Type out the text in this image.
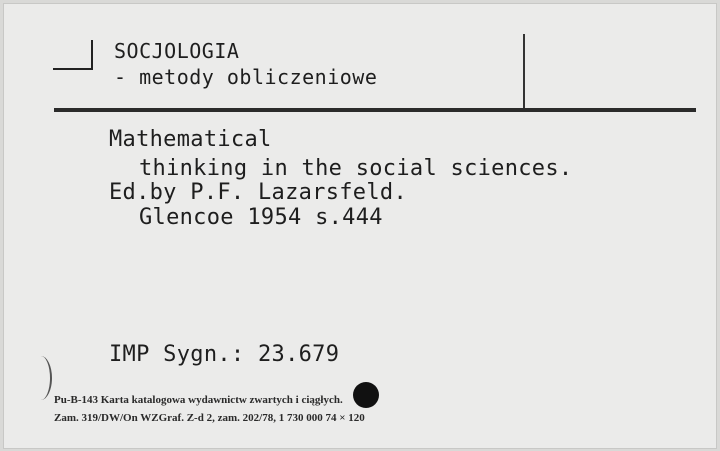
SOCJOLOGIA
- metody obliczeniowe
Mathematical
thinking in the social sciences.
Ed.by P.F. Lazarsfeld.
Glencoe 1954 s.444
IMP Sygn.: 23.679
Pu-B-143 Karta katalogowa wydawnictw zwartych i ciągłych.
Zam. 319/DW/On WZGraf. Z-d 2, zam. 202/78, 1 730 000 74 × 120
